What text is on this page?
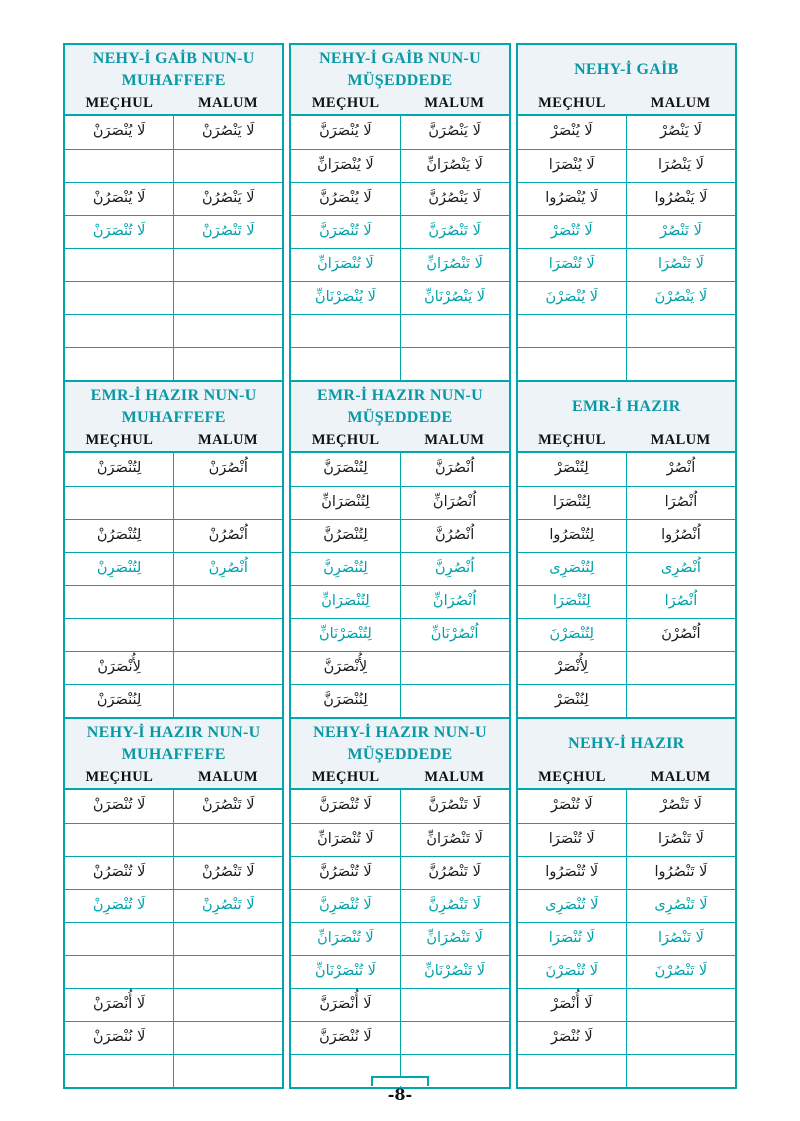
NEHY-İ GAİB NUN-U
MUHAFFEFE
MEÇHUL	MALUM
لَا يُنْصَرَنْ	لَا يَنْصُرَنْ
لَا يُنْصَرُنْ	لَا يَنْصُرُنْ
لَا تُنْصَرَنْ	لَا تَنْصُرَنْ
EMR-İ HAZIR NUN-U
MUHAFFEFE
MEÇHUL	MALUM
لِتُنْصَرَنْ	اُنْصُرَنْ
لِتُنْصَرُنْ	اُنْصُرُنْ
لِتُنْصَرِنْ	اُنْصُرِنْ
لِأُنْصَرَنْ
لِنُنْصَرَنْ
NEHY-İ HAZIR NUN-U
MUHAFFEFE
MEÇHUL	MALUM
لَا تُنْصَرَنْ	لَا تَنْصُرَنْ
لَا تُنْصَرُنْ	لَا تَنْصُرُنْ
لَا تُنْصَرِنْ	لَا تَنْصُرِنْ
لَا أُنْصَرَنْ
لَا نُنْصَرَنْ
NEHY-İ GAİB NUN-U
MÜŞEDDEDE
MEÇHUL	MALUM
لَا يُنْصَرَنَّ	لَا يَنْصُرَنَّ
لَا يُنْصَرَانِّ	لَا يَنْصُرَانِّ
لَا يُنْصَرُنَّ	لَا يَنْصُرُنَّ
لَا تُنْصَرَنَّ	لَا تَنْصُرَنَّ
لَا تُنْصَرَانِّ	لَا تَنْصُرَانِّ
لَا يُنْصَرْنَانِّ	لَا يَنْصُرْنَانِّ
EMR-İ HAZIR NUN-U
MÜŞEDDEDE
MEÇHUL	MALUM
لِتُنْصَرَنَّ	اُنْصُرَنَّ
لِتُنْصَرَانِّ	اُنْصُرَانِّ
لِتُنْصَرُنَّ	اُنْصُرُنَّ
لِتُنْصَرِنَّ	اُنْصُرِنَّ
لِتُنْصَرَانِّ	اُنْصُرَانِّ
لِتُنْصَرْنَانِّ	اُنْصُرْنَانِّ
لِأُنْصَرَنَّ
لِنُنْصَرَنَّ
NEHY-İ HAZIR NUN-U
MÜŞEDDEDE
MEÇHUL	MALUM
لَا تُنْصَرَنَّ	لَا تَنْصُرَنَّ
لَا تُنْصَرَانِّ	لَا تَنْصُرَانِّ
لَا تُنْصَرُنَّ	لَا تَنْصُرُنَّ
لَا تُنْصَرِنَّ	لَا تَنْصُرِنَّ
لَا تُنْصَرَانِّ	لَا تَنْصُرَانِّ
لَا تُنْصَرْنَانِّ	لَا تَنْصُرْنَانِّ
لَا أُنْصَرَنَّ
لَا نُنْصَرَنَّ
NEHY-İ GAİB
MEÇHUL	MALUM
لَا يُنْصَرْ	لَا يَنْصُرْ
لَا يُنْصَرَا	لَا يَنْصُرَا
لَا يُنْصَرُوا	لَا يَنْصُرُوا
لَا تُنْصَرْ	لَا تَنْصُرْ
لَا تُنْصَرَا	لَا تَنْصُرَا
لَا يُنْصَرْنَ	لَا يَنْصُرْنَ
EMR-İ HAZIR
MEÇHUL	MALUM
لِتُنْصَرْ	اُنْصُرْ
لِتُنْصَرَا	اُنْصُرَا
لِتُنْصَرُوا	اُنْصُرُوا
لِتُنْصَرِى	اُنْصُرِى
لِتُنْصَرَا	اُنْصُرَا
لِتُنْصَرْنَ	اُنْصُرْنَ
لِأُنْصَرْ
لِنُنْصَرْ
NEHY-İ HAZIR
MEÇHUL	MALUM
لَا تُنْصَرْ	لَا تَنْصُرْ
لَا تُنْصَرَا	لَا تَنْصُرَا
لَا تُنْصَرُوا	لَا تَنْصُرُوا
لَا تُنْصَرِى	لَا تَنْصُرِى
لَا تُنْصَرَا	لَا تَنْصُرَا
لَا تُنْصَرْنَ	لَا تَنْصُرْنَ
لَا أُنْصَرْ
لَا نُنْصَرْ
-8-
